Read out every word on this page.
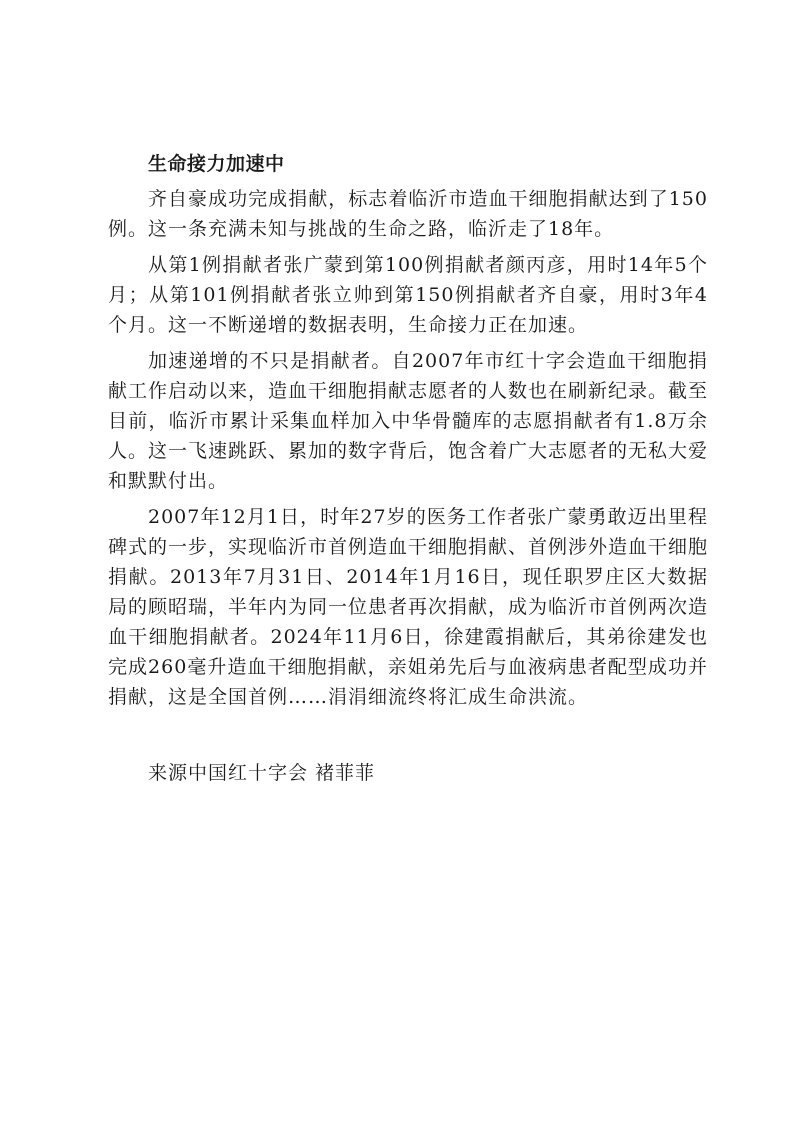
生命接力加速中

齐自豪成功完成捐献，标志着临沂市造血干细胞捐献达到了150例。这一条充满未知与挑战的生命之路，临沂走了18年。

从第1例捐献者张广蒙到第100例捐献者颜丙彦，用时14年5个月；从第101例捐献者张立帅到第150例捐献者齐自豪，用时3年4个月。这一不断递增的数据表明，生命接力正在加速。

加速递增的不只是捐献者。自2007年市红十字会造血干细胞捐献工作启动以来，造血干细胞捐献志愿者的人数也在刷新纪录。截至目前，临沂市累计采集血样加入中华骨髓库的志愿捐献者有1.8万余人。这一飞速跳跃、累加的数字背后，饱含着广大志愿者的无私大爱和默默付出。

2007年12月1日，时年27岁的医务工作者张广蒙勇敢迈出里程碑式的一步，实现临沂市首例造血干细胞捐献、首例涉外造血干细胞捐献。2013年7月31日、2014年1月16日，现任职罗庄区大数据局的顾昭瑞，半年内为同一位患者再次捐献，成为临沂市首例两次造血干细胞捐献者。2024年11月6日，徐建霞捐献后，其弟徐建发也完成260毫升造血干细胞捐献，亲姐弟先后与血液病患者配型成功并捐献，这是全国首例……涓涓细流终将汇成生命洪流。

来源中国红十字会 褚菲菲
